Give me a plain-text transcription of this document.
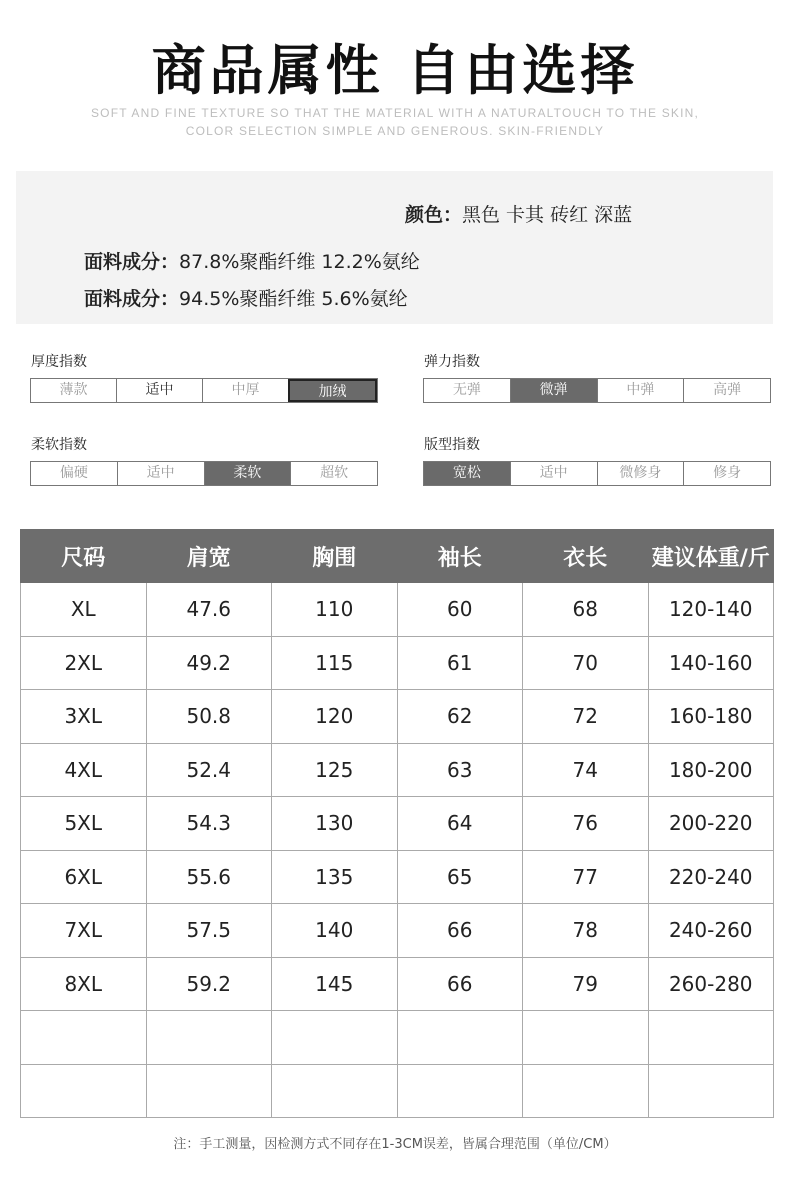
商品属性 自由选择
SOFT AND FINE TEXTURE SO THAT THE MATERIAL WITH A NATURALTOUCH TO THE SKIN,
COLOR SELECTION SIMPLE AND GENEROUS. SKIN-FRIENDLY
颜色：黑色 卡其 砖红 深蓝
面料成分：87.8%聚酯纤维 12.2%氨纶
面料成分：94.5%聚酯纤维 5.6%氨纶
厚度指数
薄款	适中	中厚	加绒
弹力指数
无弹	微弹	中弹	高弹
柔软指数
偏硬	适中	柔软	超软
版型指数
宽松	适中	微修身	修身
尺码	肩宽	胸围	袖长	衣长	建议体重/斤
XL	47.6	110	60	68	120-140
2XL	49.2	115	61	70	140-160
3XL	50.8	120	62	72	160-180
4XL	52.4	125	63	74	180-200
5XL	54.3	130	64	76	200-220
6XL	55.6	135	65	77	220-240
7XL	57.5	140	66	78	240-260
8XL	59.2	145	66	79	260-280

注：手工测量，因检测方式不同存在1-3CM误差，皆属合理范围（单位/CM）
